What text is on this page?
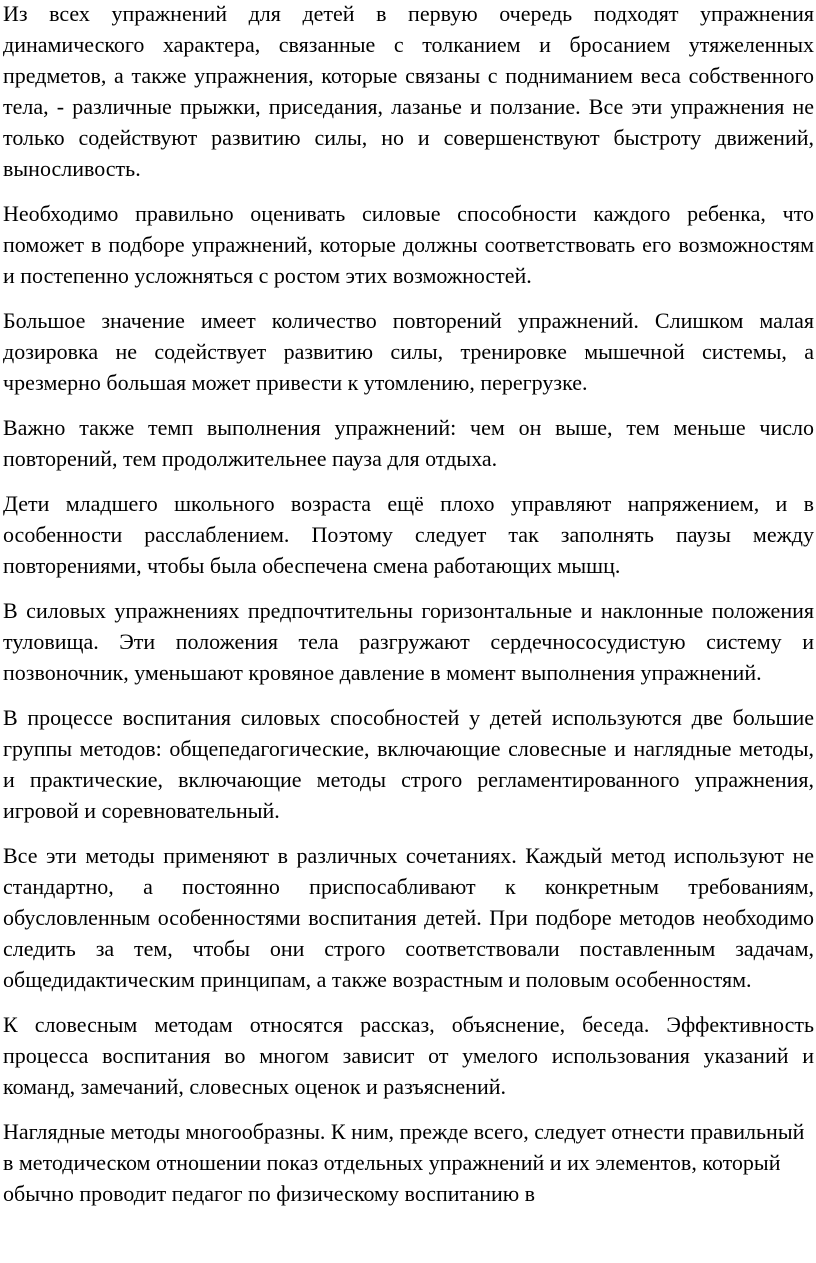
Из всех упражнений для детей в первую очередь подходят упражнения динамического характера, связанные с толканием и бросанием утяжеленных предметов, а также упражнения, которые связаны с подниманием веса собственного тела, - различные прыжки, приседания, лазанье и ползание. Все эти упражнения не только содействуют развитию силы, но и совершенствуют быстроту движений, выносливость.

Необходимо правильно оценивать силовые способности каждого ребенка, что поможет в подборе упражнений, которые должны соответствовать его возможностям и постепенно усложняться с ростом этих возможностей.

Большое значение имеет количество повторений упражнений. Слишком малая дозировка не содействует развитию силы, тренировке мышечной системы, а чрезмерно большая может привести к утомлению, перегрузке.

Важно также темп выполнения упражнений: чем он выше, тем меньше число повторений, тем продолжительнее пауза для отдыха.

Дети младшего школьного возраста ещё плохо управляют напряжением, и в особенности расслаблением. Поэтому следует так заполнять паузы между повторениями, чтобы была обеспечена смена работающих мышц.

В силовых упражнениях предпочтительны горизонтальные и наклонные положения туловища. Эти положения тела разгружают сердечнососудистую систему и позвоночник, уменьшают кровяное давление в момент выполнения упражнений.

В процессе воспитания силовых способностей у детей используются две большие группы методов: общепедагогические, включающие словесные и наглядные методы, и практические, включающие методы строго регламентированного упражнения, игровой и соревновательный.

Все эти методы применяют в различных сочетаниях. Каждый метод используют не стандартно, а постоянно приспосабливают к конкретным требованиям, обусловленным особенностями воспитания детей. При подборе методов необходимо следить за тем, чтобы они строго соответствовали поставленным задачам, общедидактическим принципам, а также возрастным и половым особенностям.

К словесным методам относятся рассказ, объяснение, беседа. Эффективность процесса воспитания во многом зависит от умелого использования указаний и команд, замечаний, словесных оценок и разъяснений.

Наглядные методы многообразны. К ним, прежде всего, следует отнести правильный в методическом отношении показ отдельных упражнений и их элементов, который обычно проводит педагог по физическому воспитанию в
